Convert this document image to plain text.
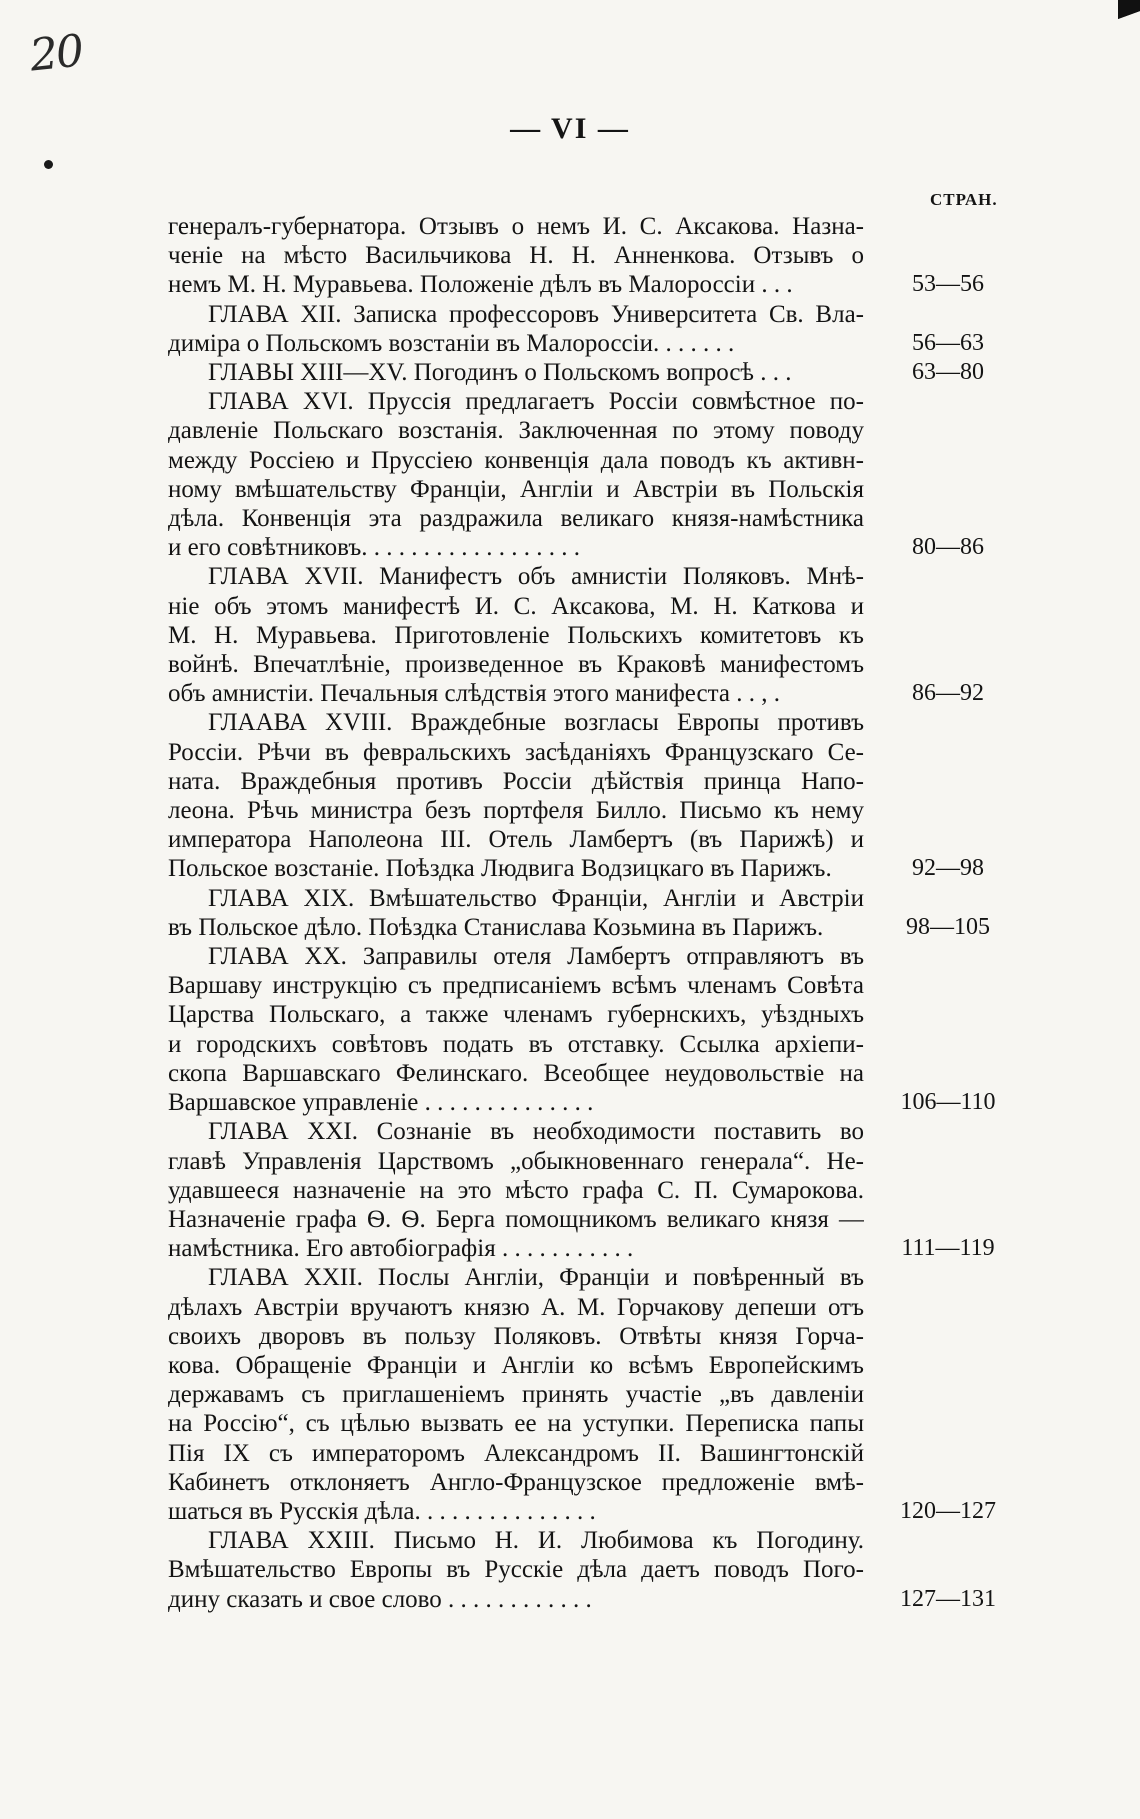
20
— VI —
СТРАН.
генералъ-губернатора. Отзывъ о немъ И. С. Аксакова. Назна-
ченіе на мѣсто Васильчикова Н. Н. Анненкова. Отзывъ о
немъ М. Н. Муравьева. Положеніе дѣлъ въ Малороссіи . . .	53—56
ГЛАВА XII. Записка профессоровъ Университета Св. Вла-
диміра о Польскомъ возстаніи въ Малороссіи. . . . . . .	56—63
ГЛАВЫ XIII—XV. Погодинъ о Польскомъ вопросѣ . . .	63—80
ГЛАВА XVI. Пруссія предлагаетъ Россіи совмѣстное по-
давленіе Польскаго возстанія. Заключенная по этому поводу
между Россіею и Пруссіею конвенція дала поводъ къ активн-
ному вмѣшательству Франціи, Англіи и Австріи въ Польскія
дѣла. Конвенція эта раздражила великаго князя-намѣстника
и его совѣтниковъ. . . . . . . . . . . . . . . . . .	80—86
ГЛАВА XVII. Манифестъ объ амнистіи Поляковъ. Мнѣ-
ніе объ этомъ манифестѣ И. С. Аксакова, М. Н. Каткова и
М. Н. Муравьева. Приготовленіе Польскихъ комитетовъ къ
войнѣ. Впечатлѣніе, произведенное въ Краковѣ манифестомъ
объ амнистіи. Печальныя слѣдствія этого манифеста . . , .	86—92
ГЛААВА XVIII. Враждебные возгласы Европы противъ
Россіи. Рѣчи въ февральскихъ засѣданіяхъ Французскаго Се-
ната. Враждебныя противъ Россіи дѣйствія принца Напо-
леона. Рѣчь министра безъ портфеля Билло. Письмо къ нему
императора Наполеона III. Отель Ламбертъ (въ Парижѣ) и
Польское возстаніе. Поѣздка Людвига Водзицкаго въ Парижъ.	92—98
ГЛАВА XIX. Вмѣшательство Франціи, Англіи и Австріи
въ Польское дѣло. Поѣздка Станислава Козьмина въ Парижъ.	98—105
ГЛАВА XX. Заправилы отеля Ламбертъ отправляютъ въ
Варшаву инструкцію съ предписаніемъ всѣмъ членамъ Совѣта
Царства Польскаго, а также членамъ губернскихъ, уѣздныхъ
и городскихъ совѣтовъ подать въ отставку. Ссылка архіепи-
скопа Варшавскаго Фелинскаго. Всеобщее неудовольствіе на
Варшавское управленіе . . . . . . . . . . . . . .	106—110
ГЛАВА XXI. Сознаніе въ необходимости поставить во
главѣ Управленія Царствомъ „обыкновеннаго генерала“. Не-
удавшееся назначеніе на это мѣсто графа С. П. Сумарокова.
Назначеніе графа Ѳ. Ѳ. Берга помощникомъ великаго князя —
намѣстника. Его автобіографія . . . . . . . . . . .	111—119
ГЛАВА XXII. Послы Англіи, Франціи и повѣренный въ
дѣлахъ Австріи вручаютъ князю А. М. Горчакову депеши отъ
своихъ дворовъ въ пользу Поляковъ. Отвѣты князя Горча-
кова. Обращеніе Франціи и Англіи ко всѣмъ Европейскимъ
державамъ съ приглашеніемъ принять участіе „въ давленіи
на Россію“, съ цѣлью вызвать ее на уступки. Переписка папы
Пія IX съ императоромъ Александромъ II. Вашингтонскій
Кабинетъ отклоняетъ Англо-Французское предложеніе вмѣ-
шаться въ Русскія дѣла. . . . . . . . . . . . . . .	120—127
ГЛАВА XXIII. Письмо Н. И. Любимова къ Погодину.
Вмѣшательство Европы въ Русскіе дѣла даетъ поводъ Пого-
дину сказать и свое слово . . . . . . . . . . . .	127—131
